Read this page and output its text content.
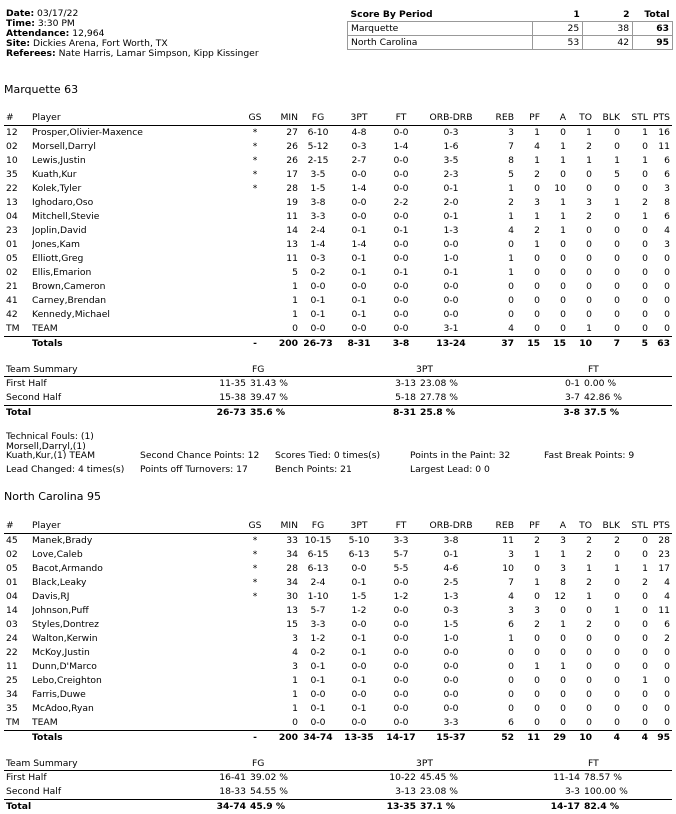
Date: 03/17/22
Time: 3:30 PM
Attendance: 12,964
Site: Dickies Arena, Fort Worth, TX
Referees: Nate Harris, Lamar Simpson, Kipp Kissinger
Score By Period	1	2	Total
Marquette	25	38	63
North Carolina	53	42	95
Marquette 63
#	Player	GS	MIN	FG	3PT	FT	ORB-DRB	REB	PF	A	TO	BLK	STL	PTS
12	Prosper,Olivier-Maxence	*	27	6-10	4-8	0-0	0-3	3	1	0	1	0	1	16
02	Morsell,Darryl	*	26	5-12	0-3	1-4	1-6	7	4	1	2	0	0	11
10	Lewis,Justin	*	26	2-15	2-7	0-0	3-5	8	1	1	1	1	1	6
35	Kuath,Kur	*	17	3-5	0-0	0-0	2-3	5	2	0	0	5	0	6
22	Kolek,Tyler	*	28	1-5	1-4	0-0	0-1	1	0	10	0	0	0	3
13	Ighodaro,Oso		19	3-8	0-0	2-2	2-0	2	3	1	3	1	2	8
04	Mitchell,Stevie		11	3-3	0-0	0-0	0-1	1	1	1	2	0	1	6
23	Joplin,David		14	2-4	0-1	0-1	1-3	4	2	1	0	0	0	4
01	Jones,Kam		13	1-4	1-4	0-0	0-0	0	1	0	0	0	0	3
05	Elliott,Greg		11	0-3	0-1	0-0	1-0	1	0	0	0	0	0	0
02	Ellis,Emarion		5	0-2	0-1	0-1	0-1	1	0	0	0	0	0	0
21	Brown,Cameron		1	0-0	0-0	0-0	0-0	0	0	0	0	0	0	0
41	Carney,Brendan		1	0-1	0-1	0-0	0-0	0	0	0	0	0	0	0
42	Kennedy,Michael		1	0-1	0-1	0-0	0-0	0	0	0	0	0	0	0
TM	TEAM		0	0-0	0-0	0-0	3-1	4	0	0	1	0	0	0
	Totals	-	200	26-73	8-31	3-8	13-24	37	15	15	10	7	5	63
Team Summary	FG	3PT	FT
First Half	11-35 31.43 %	3-13 23.08 %	0-1 0.00 %
Second Half	15-38 39.47 %	5-18 27.78 %	3-7 42.86 %
Total	26-73 35.6 %	8-31 25.8 %	3-8 37.5 %
Technical Fouls: (1)
Morsell,Darryl,(1)
Kuath,Kur,(1) TEAM	Second Chance Points: 12 Scores Tied: 0 times(s)	Points in the Paint: 32	Fast Break Points: 9
Lead Changed: 4 times(s) Points off Turnovers: 17	Bench Points: 21	Largest Lead: 0 0
North Carolina 95
#	Player	GS	MIN	FG	3PT	FT	ORB-DRB	REB	PF	A	TO	BLK	STL	PTS
45	Manek,Brady	*	33	10-15	5-10	3-3	3-8	11	2	3	2	2	0	28
02	Love,Caleb	*	34	6-15	6-13	5-7	0-1	3	1	1	2	0	0	23
05	Bacot,Armando	*	28	6-13	0-0	5-5	4-6	10	0	3	1	1	1	17
01	Black,Leaky	*	34	2-4	0-1	0-0	2-5	7	1	8	2	0	2	4
04	Davis,RJ	*	30	1-10	1-5	1-2	1-3	4	0	12	1	0	0	4
14	Johnson,Puff		13	5-7	1-2	0-0	0-3	3	3	0	0	1	0	11
03	Styles,Dontrez		15	3-3	0-0	0-0	1-5	6	2	1	2	0	0	6
24	Walton,Kerwin		3	1-2	0-1	0-0	1-0	1	0	0	0	0	0	2
22	McKoy,Justin		4	0-2	0-1	0-0	0-0	0	0	0	0	0	0	0
11	Dunn,D'Marco		3	0-1	0-0	0-0	0-0	0	1	1	0	0	0	0
25	Lebo,Creighton		1	0-1	0-1	0-0	0-0	0	0	0	0	0	1	0
34	Farris,Duwe		1	0-0	0-0	0-0	0-0	0	0	0	0	0	0	0
35	McAdoo,Ryan		1	0-1	0-1	0-0	0-0	0	0	0	0	0	0	0
TM	TEAM		0	0-0	0-0	0-0	3-3	6	0	0	0	0	0	0
	Totals	-	200	34-74	13-35	14-17	15-37	52	11	29	10	4	4	95
Team Summary	FG	3PT	FT
First Half	16-41 39.02 %	10-22 45.45 %	11-14 78.57 %
Second Half	18-33 54.55 %	3-13 23.08 %	3-3 100.00 %
Total	34-74 45.9 %	13-35 37.1 %	14-17 82.4 %
